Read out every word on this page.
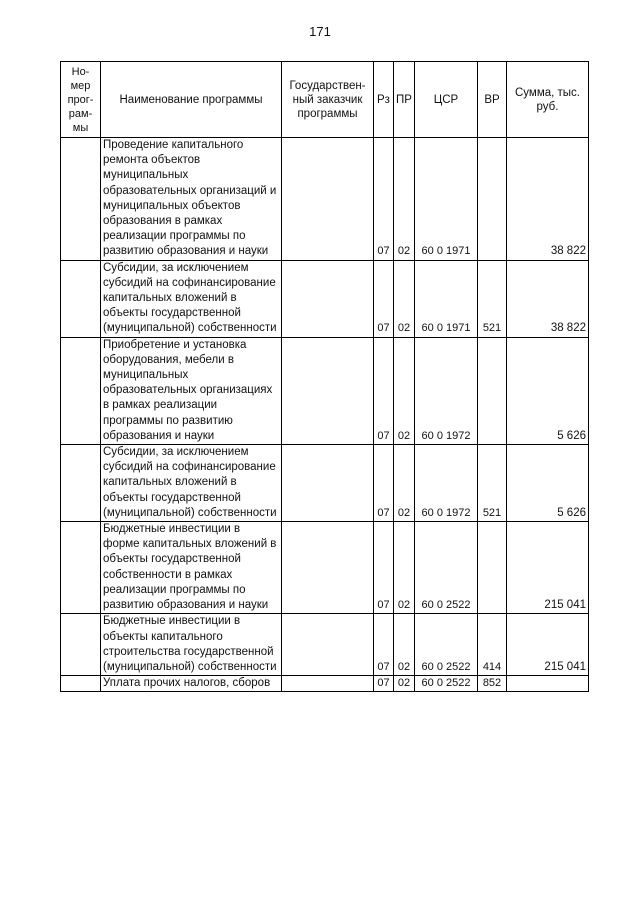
171
Но-мер прог-рам-мы	Наименование программы	Государствен-ный заказчик программы	Рз	ПР	ЦСР	ВР	Сумма, тыс. руб.
	Проведение капитального ремонта объектов муниципальных образовательных организаций и муниципальных объектов образования в рамках реализации программы по развитию образования и науки		07	02	60 0 1971		38 822
	Субсидии, за исключением субсидий на софинансирование капитальных вложений в объекты государственной (муниципальной) собственности		07	02	60 0 1971	521	38 822
	Приобретение и установка оборудования, мебели в муниципальных образовательных организациях в рамках реализации программы по развитию образования и науки		07	02	60 0 1972		5 626
	Субсидии, за исключением субсидий на софинансирование капитальных вложений в объекты государственной (муниципальной) собственности		07	02	60 0 1972	521	5 626
	Бюджетные инвестиции в форме капитальных вложений в объекты государственной собственности в рамках реализации программы по развитию образования и науки		07	02	60 0 2522		215 041
	Бюджетные инвестиции в объекты капитального строительства государственной (муниципальной) собственности		07	02	60 0 2522	414	215 041
	Уплата прочих налогов, сборов		07	02	60 0 2522	852	
